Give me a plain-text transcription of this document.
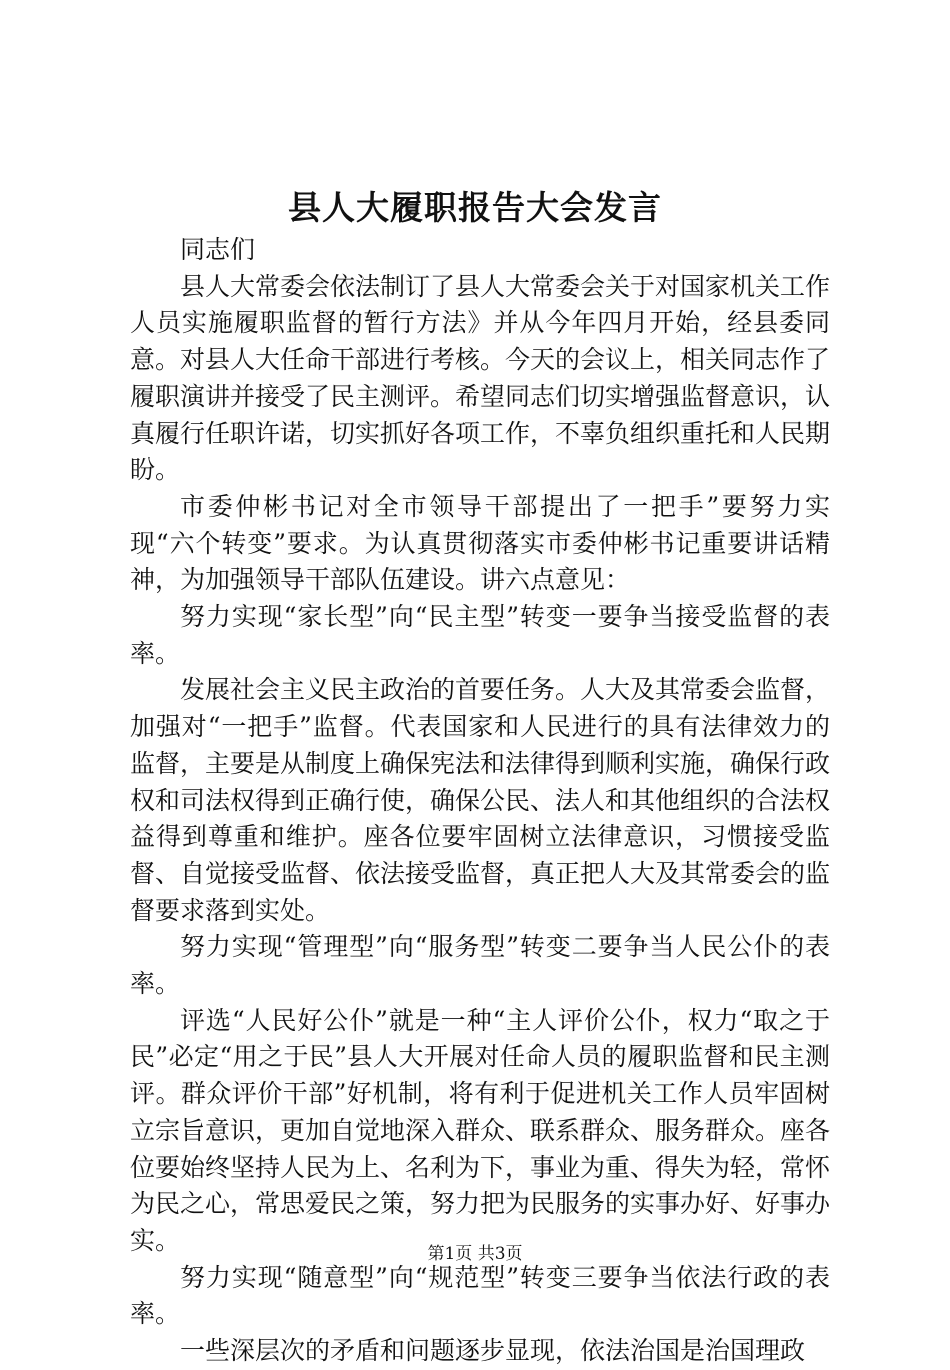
县人大履职报告大会发言

同志们

县人大常委会依法制订了县人大常委会关于对国家机关工作人员实施履职监督的暂行方法》并从今年四月开始，经县委同意。对县人大任命干部进行考核。今天的会议上，相关同志作了履职演讲并接受了民主测评。希望同志们切实增强监督意识，认真履行任职许诺，切实抓好各项工作，不辜负组织重托和人民期盼。

市委仲彬书记对全市领导干部提出了一把手”要努力实现“六个转变”要求。为认真贯彻落实市委仲彬书记重要讲话精神，为加强领导干部队伍建设。讲六点意见：

努力实现“家长型”向“民主型”转变一要争当接受监督的表率。

发展社会主义民主政治的首要任务。人大及其常委会监督，加强对“一把手”监督。代表国家和人民进行的具有法律效力的监督，主要是从制度上确保宪法和法律得到顺利实施，确保行政权和司法权得到正确行使，确保公民、法人和其他组织的合法权益得到尊重和维护。座各位要牢固树立法律意识，习惯接受监督、自觉接受监督、依法接受监督，真正把人大及其常委会的监督要求落到实处。

努力实现“管理型”向“服务型”转变二要争当人民公仆的表率。

评选“人民好公仆”就是一种“主人评价公仆，权力“取之于民”必定“用之于民”县人大开展对任命人员的履职监督和民主测评。群众评价干部”好机制，将有利于促进机关工作人员牢固树立宗旨意识，更加自觉地深入群众、联系群众、服务群众。座各位要始终坚持人民为上、名利为下，事业为重、得失为轻，常怀为民之心，常思爱民之策，努力把为民服务的实事办好、好事办实。

努力实现“随意型”向“规范型”转变三要争当依法行政的表率。

一些深层次的矛盾和问题逐步显现，依法治国是治国理政

第1页 共3页
